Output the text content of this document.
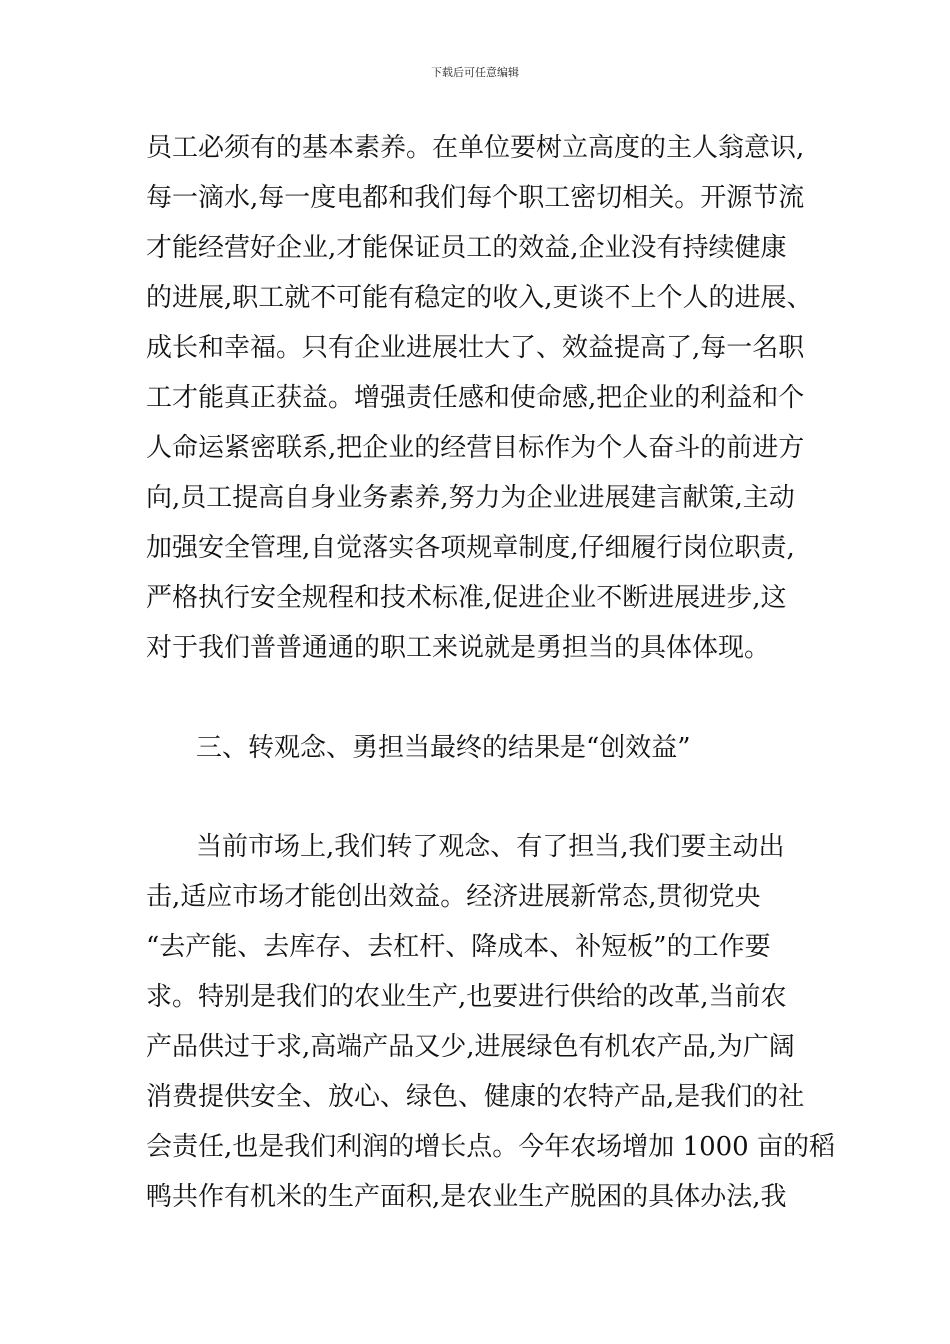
下载后可任意编辑
员工必须有的基本素养。在单位要树立高度的主人翁意识,
每一滴水,每一度电都和我们每个职工密切相关。开源节流
才能经营好企业,才能保证员工的效益,企业没有持续健康
的进展,职工就不可能有稳定的收入,更谈不上个人的进展、
成长和幸福。只有企业进展壮大了、效益提高了,每一名职
工才能真正获益。增强责任感和使命感,把企业的利益和个
人命运紧密联系,把企业的经营目标作为个人奋斗的前进方
向,员工提高自身业务素养,努力为企业进展建言献策,主动
加强安全管理,自觉落实各项规章制度,仔细履行岗位职责,
严格执行安全规程和技术标准,促进企业不断进展进步,这
对于我们普普通通的职工来说就是勇担当的具体体现。
三、转观念、勇担当最终的结果是“创效益”
当前市场上,我们转了观念、有了担当,我们要主动出
击,适应市场才能创出效益。经济进展新常态,贯彻党央
“去产能、去库存、去杠杆、降成本、补短板”的工作要
求。特别是我们的农业生产,也要进行供给的改革,当前农
产品供过于求,高端产品又少,进展绿色有机农产品,为广阔
消费提供安全、放心、绿色、健康的农特产品,是我们的社
会责任,也是我们利润的增长点。今年农场增加 1000 亩的稻
鸭共作有机米的生产面积,是农业生产脱困的具体办法,我
